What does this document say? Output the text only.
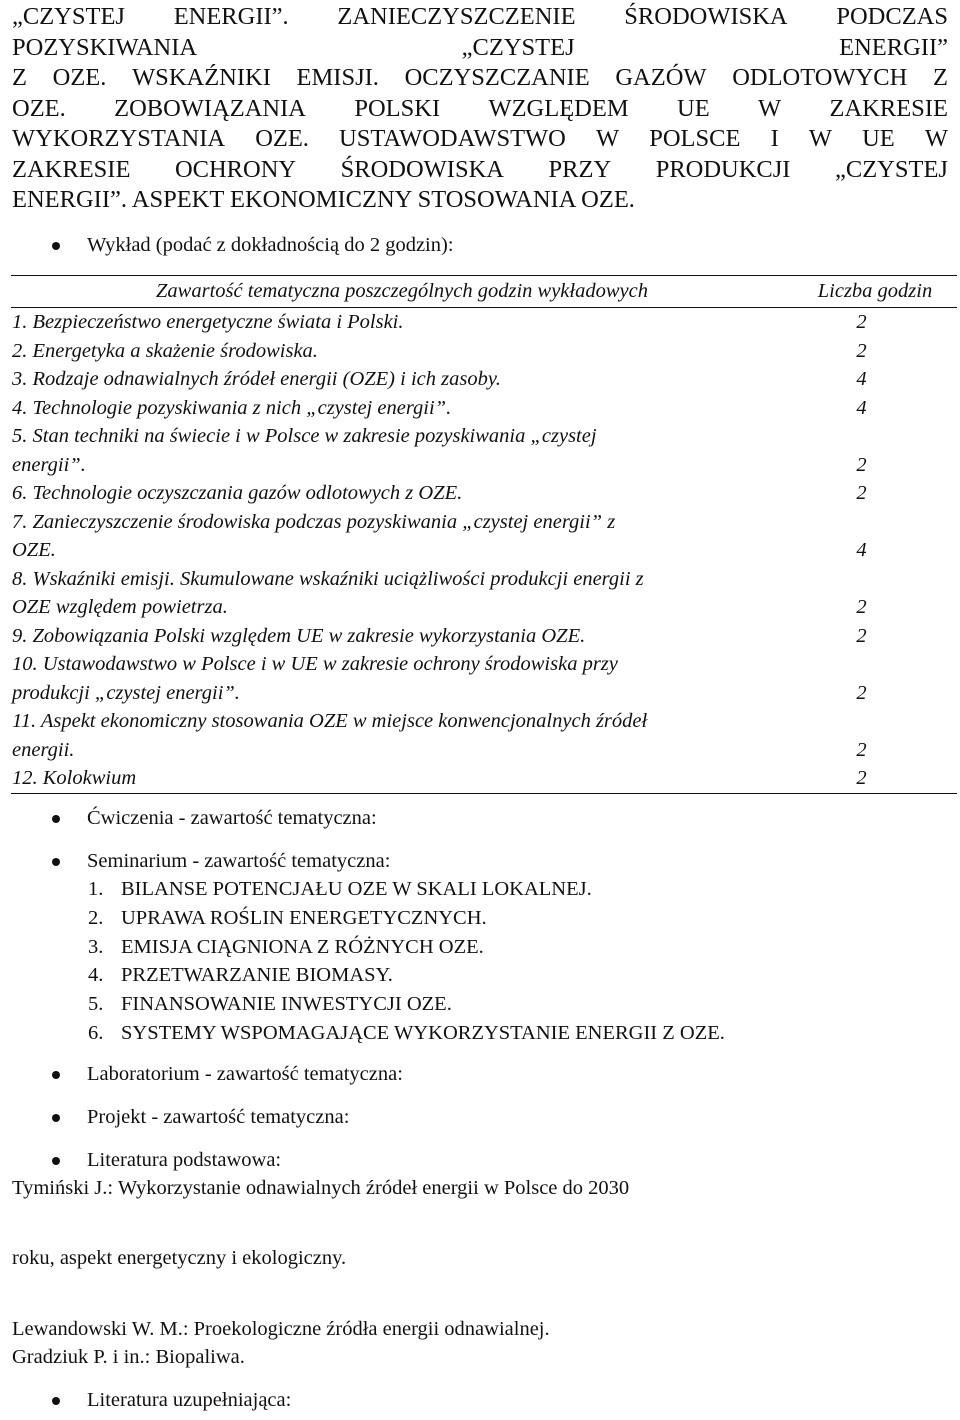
„CZYSTEJ ENERGII”. ZANIECZYSZCZENIE ŚRODOWISKA PODCZAS
POZYSKIWANIA	„CZYSTEJ	ENERGII”
Z OZE. WSKAŹNIKI EMISJI. OCZYSZCZANIE GAZÓW ODLOTOWYCH Z
OZE. ZOBOWIĄZANIA POLSKI WZGLĘDEM UE W ZAKRESIE
WYKORZYSTANIA OZE. USTAWODAWSTWO W POLSCE I W UE W
ZAKRESIE OCHRONY ŚRODOWISKA PRZY PRODUKCJI „CZYSTEJ
ENERGII”. ASPEKT EKONOMICZNY STOSOWANIA OZE.
Wykład (podać z dokładnością do 2 godzin):
Zawartość tematyczna poszczególnych godzin wykładowych	Liczba godzin
1. Bezpieczeństwo energetyczne świata i Polski.	2
2. Energetyka a skażenie środowiska.	2
3. Rodzaje odnawialnych źródeł energii (OZE) i ich zasoby.	4
4. Technologie pozyskiwania z nich „czystej energii”.	4
5. Stan techniki na świecie i w Polsce w zakresie pozyskiwania „czystej
energii”.	2
6. Technologie oczyszczania gazów odlotowych z OZE.	2
7. Zanieczyszczenie środowiska podczas pozyskiwania „czystej energii” z
OZE.	4
8. Wskaźniki emisji. Skumulowane wskaźniki uciążliwości produkcji energii z
OZE względem powietrza.	2
9. Zobowiązania Polski względem UE w zakresie wykorzystania OZE.	2
10. Ustawodawstwo w Polsce i w UE w zakresie ochrony środowiska przy
produkcji „czystej energii”.	2
11. Aspekt ekonomiczny stosowania OZE w miejsce konwencjonalnych źródeł
energii.	2
12. Kolokwium	2
Ćwiczenia - zawartość tematyczna:
Seminarium - zawartość tematyczna:
1. BILANSE POTENCJAŁU OZE W SKALI LOKALNEJ.
2. UPRAWA ROŚLIN ENERGETYCZNYCH.
3. EMISJA CIĄGNIONA Z RÓŻNYCH OZE.
4. PRZETWARZANIE BIOMASY.
5. FINANSOWANIE INWESTYCJI OZE.
6. SYSTEMY WSPOMAGAJĄCE WYKORZYSTANIE ENERGII Z OZE.
Laboratorium - zawartość tematyczna:
Projekt - zawartość tematyczna:
Literatura podstawowa:
Tymiński J.: Wykorzystanie odnawialnych źródeł energii w Polsce do 2030
roku, aspekt energetyczny i ekologiczny.
Lewandowski W. M.: Proekologiczne źródła energii odnawialnej.
Gradziuk P. i in.: Biopaliwa.
Literatura uzupełniająca:
